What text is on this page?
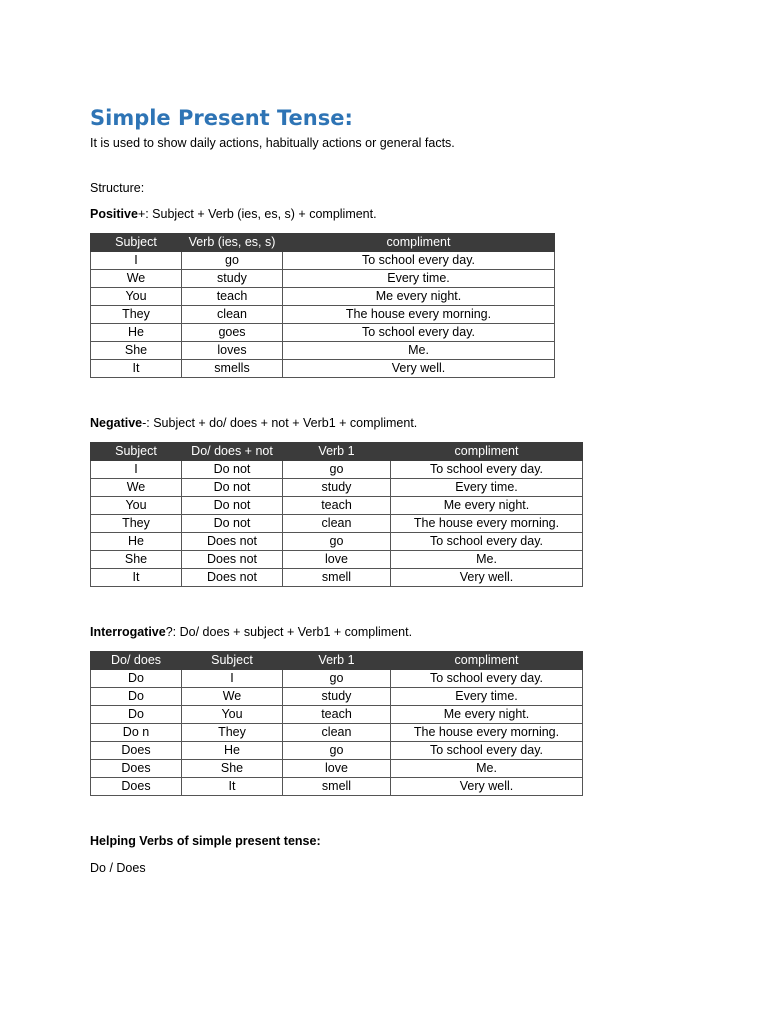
Simple Present Tense:

It is used to show daily actions, habitually actions or general facts.

Structure:

Positive+: Subject + Verb (ies, es, s) + compliment.

Subject	Verb (ies, es, s)	compliment
I	go	To school every day.
We	study	Every time.
You	teach	Me every night.
They	clean	The house every morning.
He	goes	To school every day.
She	loves	Me.
It	smells	Very well.

Negative-: Subject + do/ does + not + Verb1 + compliment.

Subject	Do/ does + not	Verb 1	compliment
I	Do not	go	To school every day.
We	Do not	study	Every time.
You	Do not	teach	Me every night.
They	Do not	clean	The house every morning.
He	Does not	go	To school every day.
She	Does not	love	Me.
It	Does not	smell	Very well.

Interrogative?: Do/ does + subject + Verb1 + compliment.

Do/ does	Subject	Verb 1	compliment
Do	I	go	To school every day.
Do	We	study	Every time.
Do	You	teach	Me every night.
Do n	They	clean	The house every morning.
Does	He	go	To school every day.
Does	She	love	Me.
Does	It	smell	Very well.

Helping Verbs of simple present tense:

Do / Does
